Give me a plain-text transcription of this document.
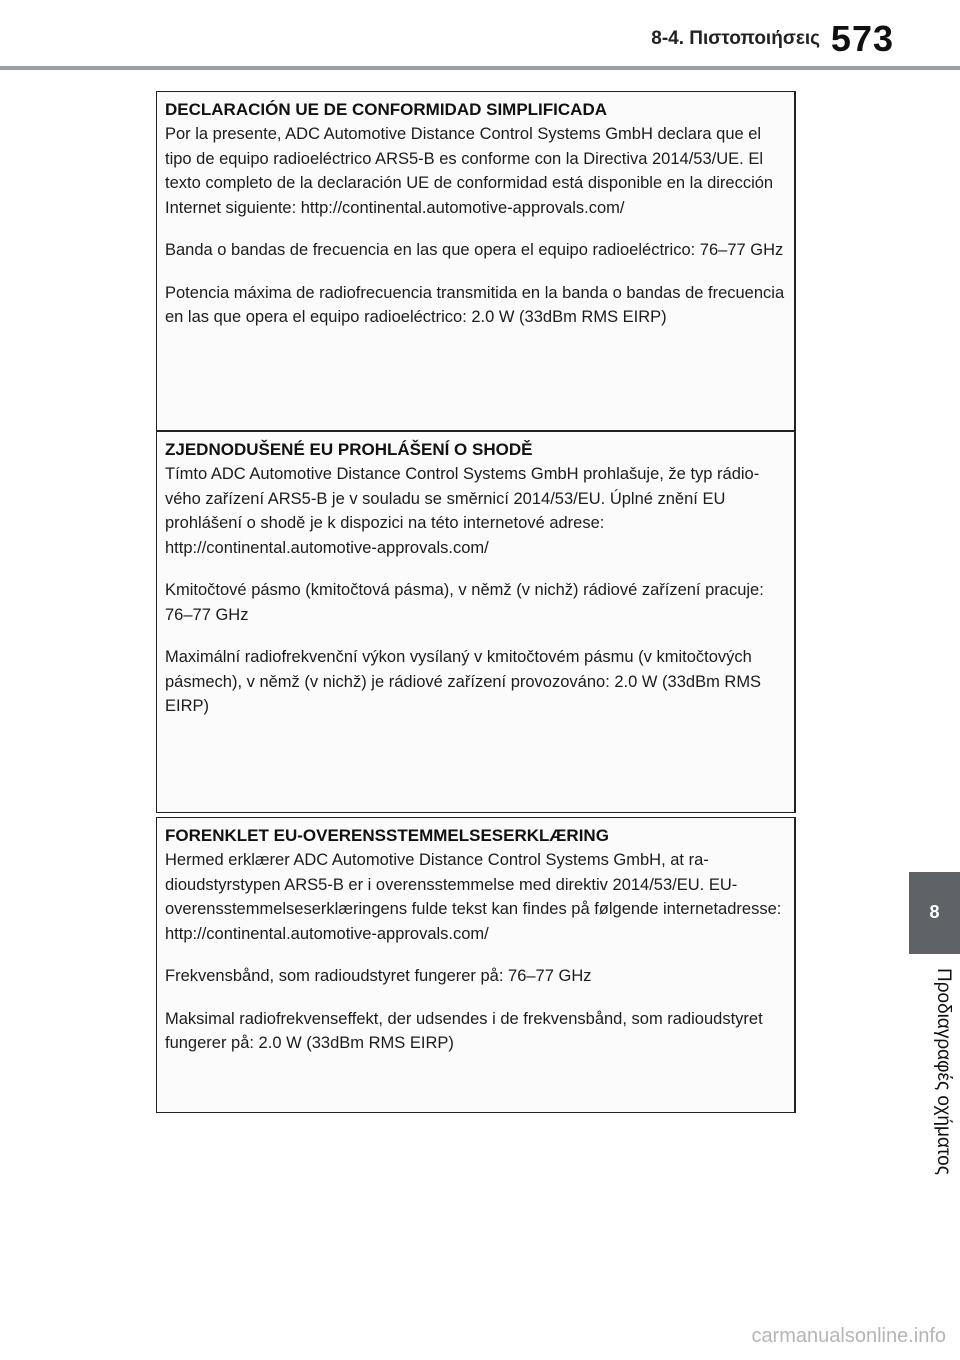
8-4. Πιστοποιήσεις 573
8
Προδιαγραφές οχήματος

DECLARACIÓN UE DE CONFORMIDAD SIMPLIFICADA

Por la presente, ADC Automotive Distance Control Systems GmbH declara que el tipo de equipo radioeléctrico ARS5-B es conforme con la Directiva 2014/53/UE. El texto completo de la declaración UE de conformidad está disponible en la dirección Internet siguiente: http://continental.automotive-approvals.com/

Banda o bandas de frecuencia en las que opera el equipo radioeléctrico: 76–77 GHz

Potencia máxima de radiofrecuencia transmitida en la banda o bandas de frecuencia en las que opera el equipo radioeléctrico: 2.0 W (33dBm RMS EIRP)

ZJEDNODUŠENÉ EU PROHLÁŠENÍ O SHODĚ

Tímto ADC Automotive Distance Control Systems GmbH prohlašuje, že typ rádio-vého zařízení ARS5-B je v souladu se směrnicí 2014/53/EU. Úplné znění EU prohlášení o shodě je k dispozici na této internetové adrese: http://continental.automotive-approvals.com/

Kmitočtové pásmo (kmitočtová pásma), v němž (v nichž) rádiové zařízení pracuje: 76–77 GHz

Maximální radiofrekvenční výkon vysílaný v kmitočtovém pásmu (v kmitočtových pásmech), v němž (v nichž) je rádiové zařízení provozováno: 2.0 W (33dBm RMS EIRP)

FORENKLET EU-OVERENSSTEMMELSESERKLÆRING

Hermed erklærer ADC Automotive Distance Control Systems GmbH, at ra-dioudstyrstypen ARS5-B er i overensstemmelse med direktiv 2014/53/EU. EU-overensstemmelseserklæringens fulde tekst kan findes på følgende internetadresse: http://continental.automotive-approvals.com/

Frekvensbånd, som radioudstyret fungerer på: 76–77 GHz

Maksimal radiofrekvenseffekt, der udsendes i de frekvensbånd, som radioudstyret fungerer på: 2.0 W (33dBm RMS EIRP)

carmanualsonline.info
